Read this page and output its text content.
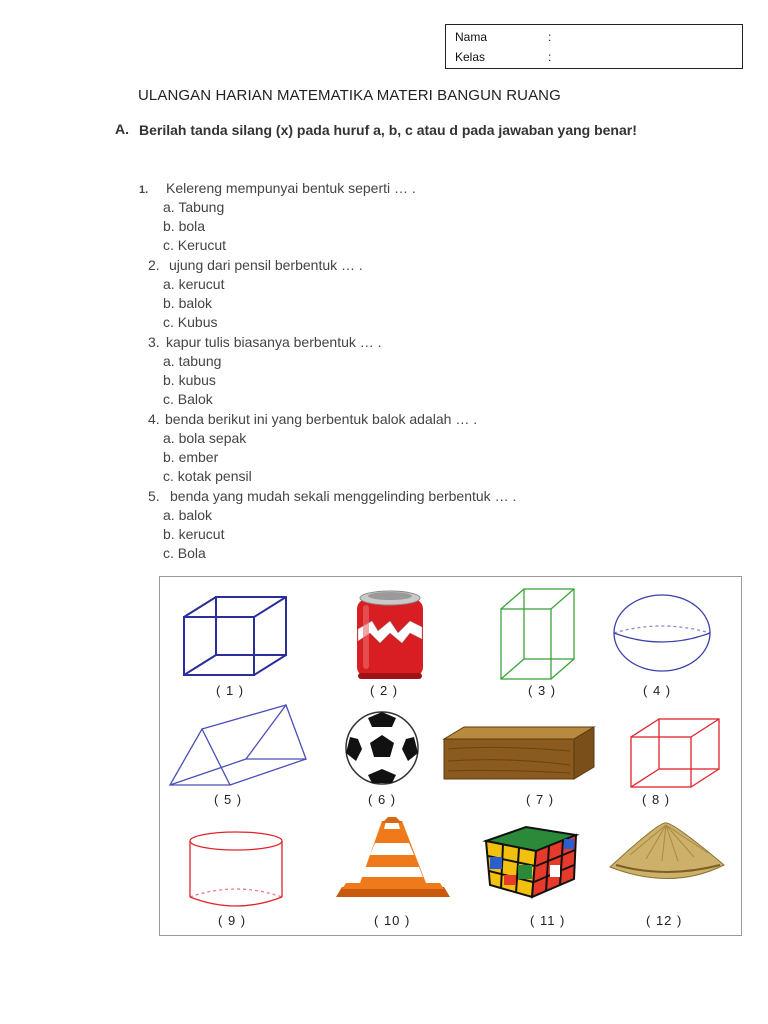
Nama	:
Kelas	:
ULANGAN HARIAN MATEMATIKA MATERI BANGUN RUANG
A. Berilah tanda silang (x) pada huruf a, b, c atau d pada jawaban yang benar!
1. Kelereng mempunyai bentuk seperti … .
a. Tabung
b. bola
c. Kerucut
2. ujung dari pensil berbentuk … .
a. kerucut
b. balok
c. Kubus
3. kapur tulis biasanya berbentuk … .
a. tabung
b. kubus
c. Balok
4. benda berikut ini yang berbentuk balok adalah … .
a. bola sepak
b. ember
c. kotak pensil
5. benda yang mudah sekali menggelinding berbentuk … .
a. balok
b. kerucut
c. Bola
( 1 )	( 2 )	( 3 )	( 4 )
( 5 )	( 6 )	( 7 )	( 8 )
( 9 )	( 10 )	( 11 )	( 12 )
